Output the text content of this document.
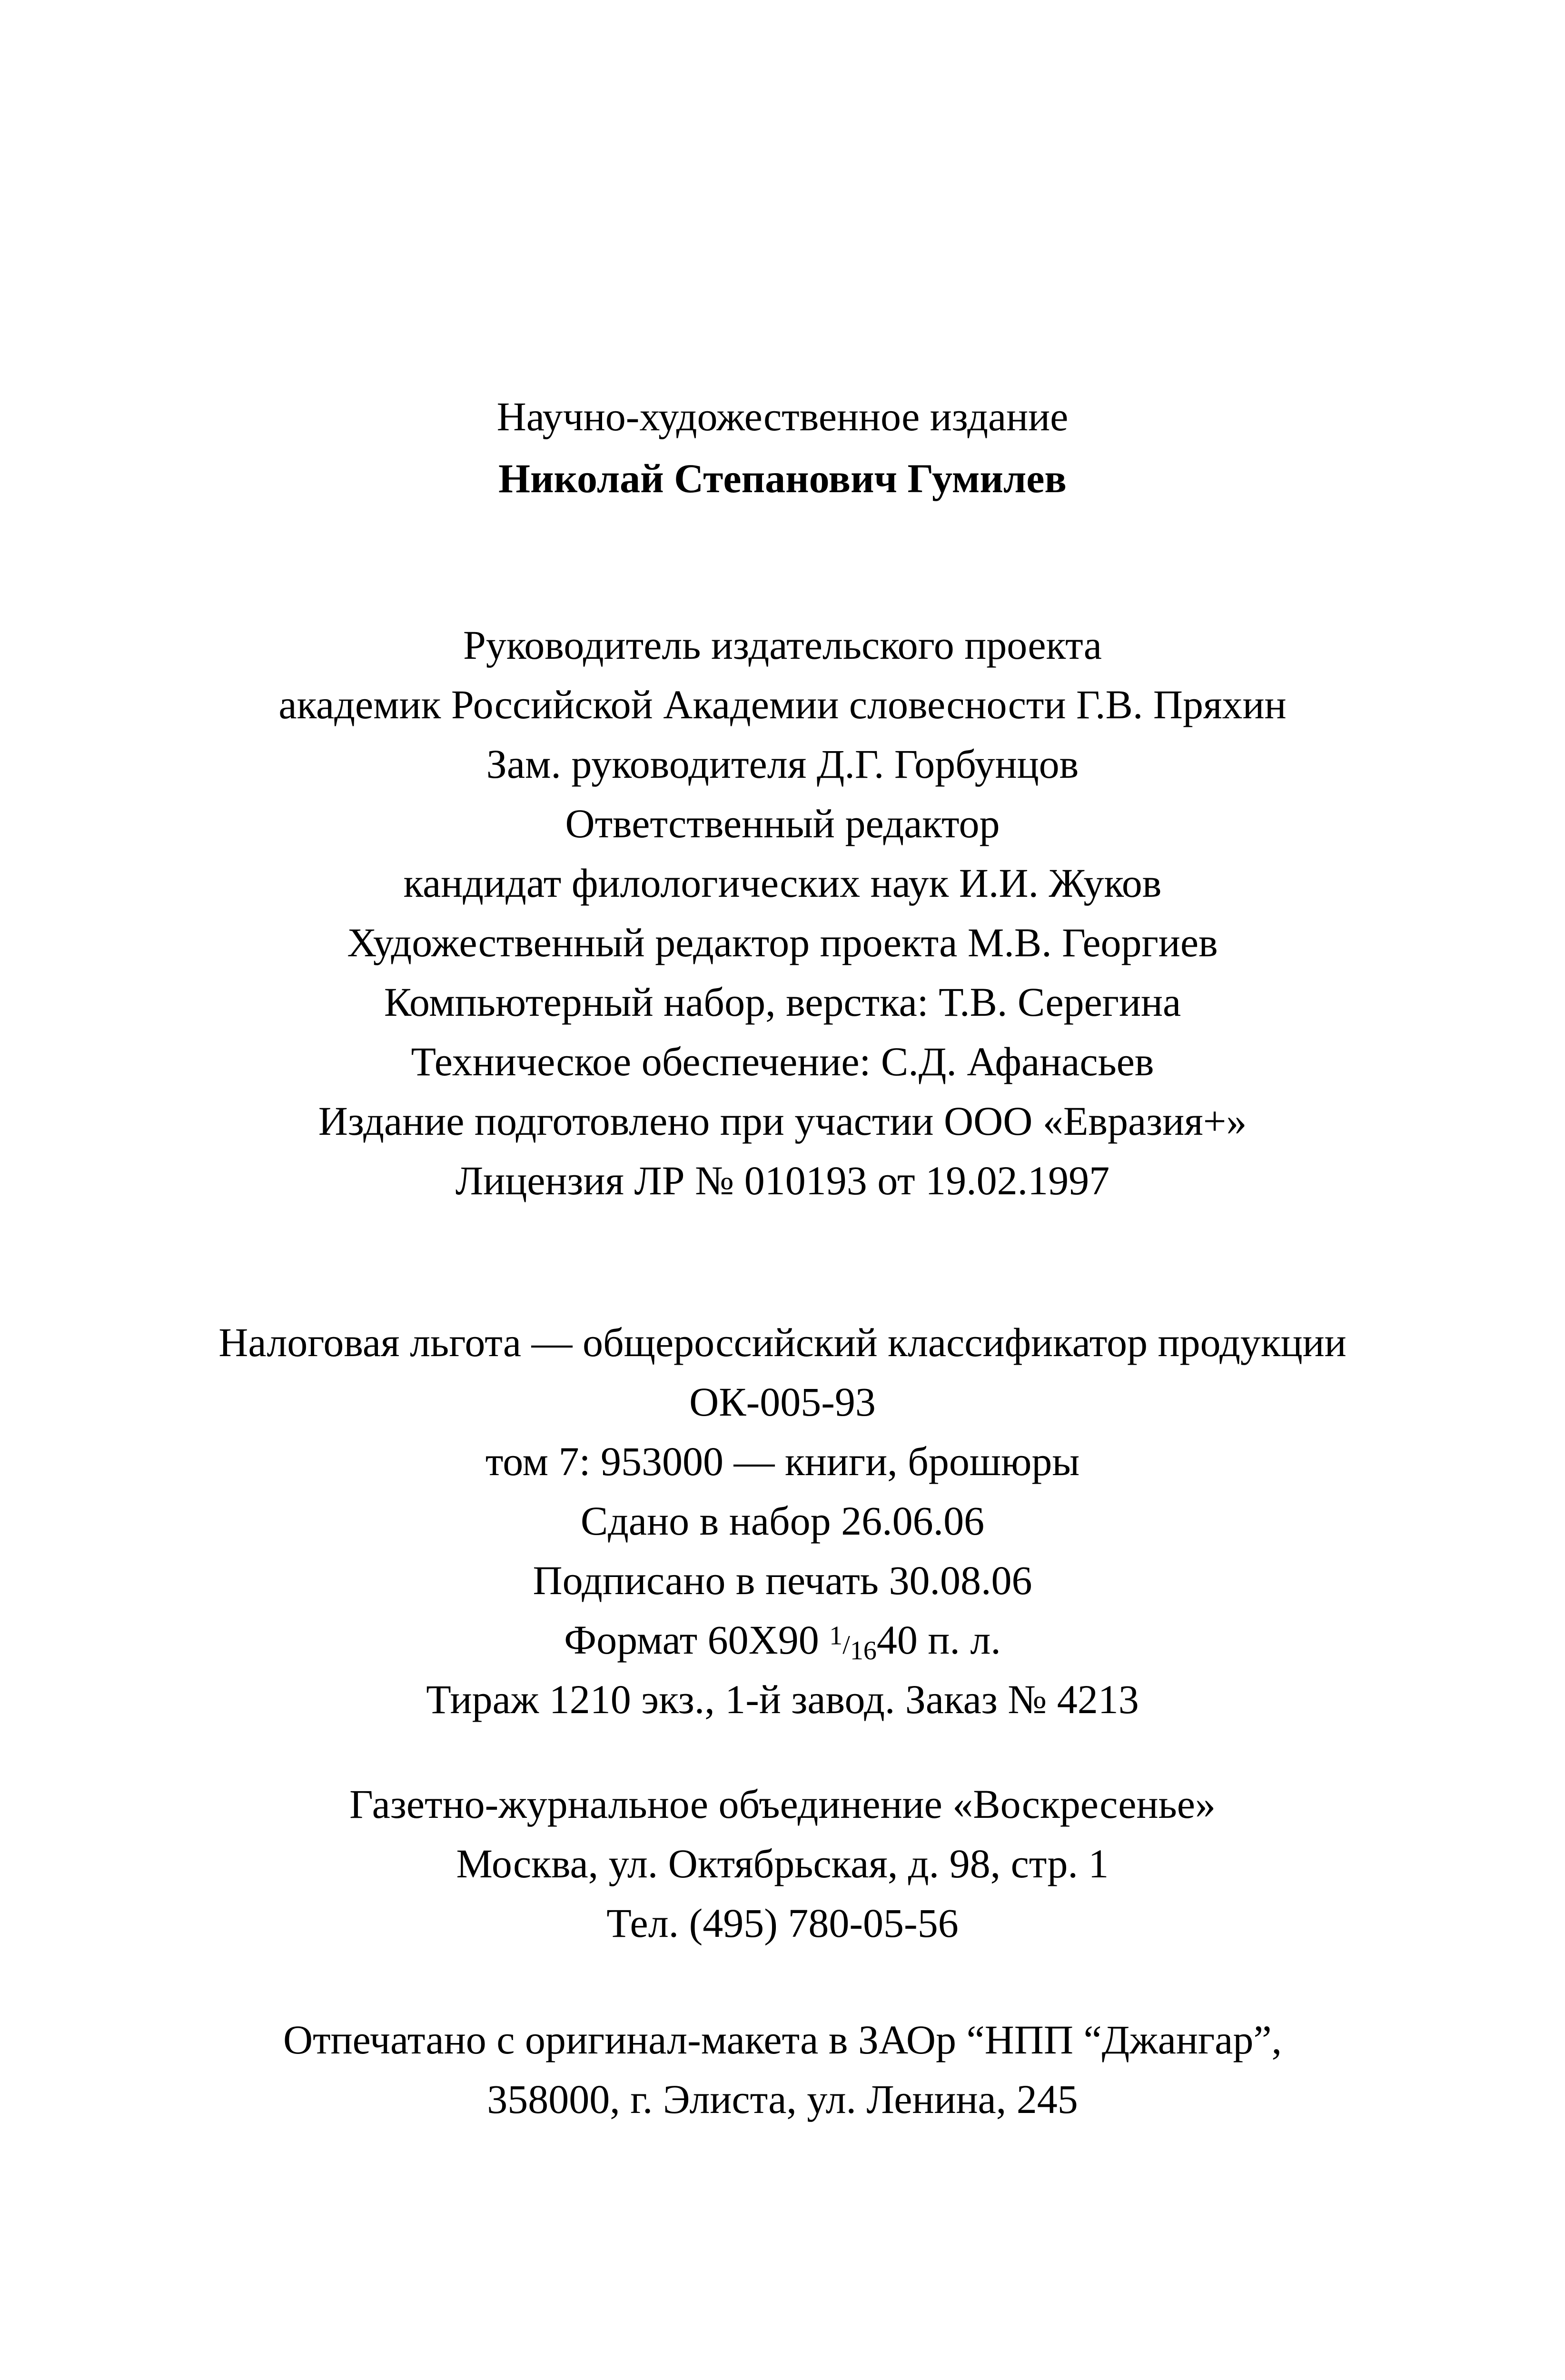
Научно-художественное издание
Николай Степанович Гумилев
Руководитель издательского проекта
академик Российской Академии словесности Г.В. Пряхин
Зам. руководителя Д.Г. Горбунцов
Ответственный редактор
кандидат филологических наук И.И. Жуков
Художественный редактор проекта М.В. Георгиев
Компьютерный набор, верстка: Т.В. Серегина
Техническое обеспечение: С.Д. Афанасьев
Издание подготовлено при участии ООО «Евразия+»
Лицензия ЛР № 010193 от 19.02.1997
Налоговая льгота — общероссийский классификатор продукции
ОК-005-93
том 7: 953000 — книги, брошюры
Сдано в набор 26.06.06
Подписано в печать 30.08.06
Формат 60Х90 $^1/_{16}40$ п. л.
Тираж 1210 экз., 1-й завод. Заказ № 4213
Газетно-журнальное объединение «Воскресенье»
Москва, ул. Октябрьская, д. 98, стр. 1
Тел. (495) 780-05-56
Отпечатано с оригинал-макета в ЗАОр “НПП “Джангар”,
358000, г. Элиста, ул. Ленина, 245
